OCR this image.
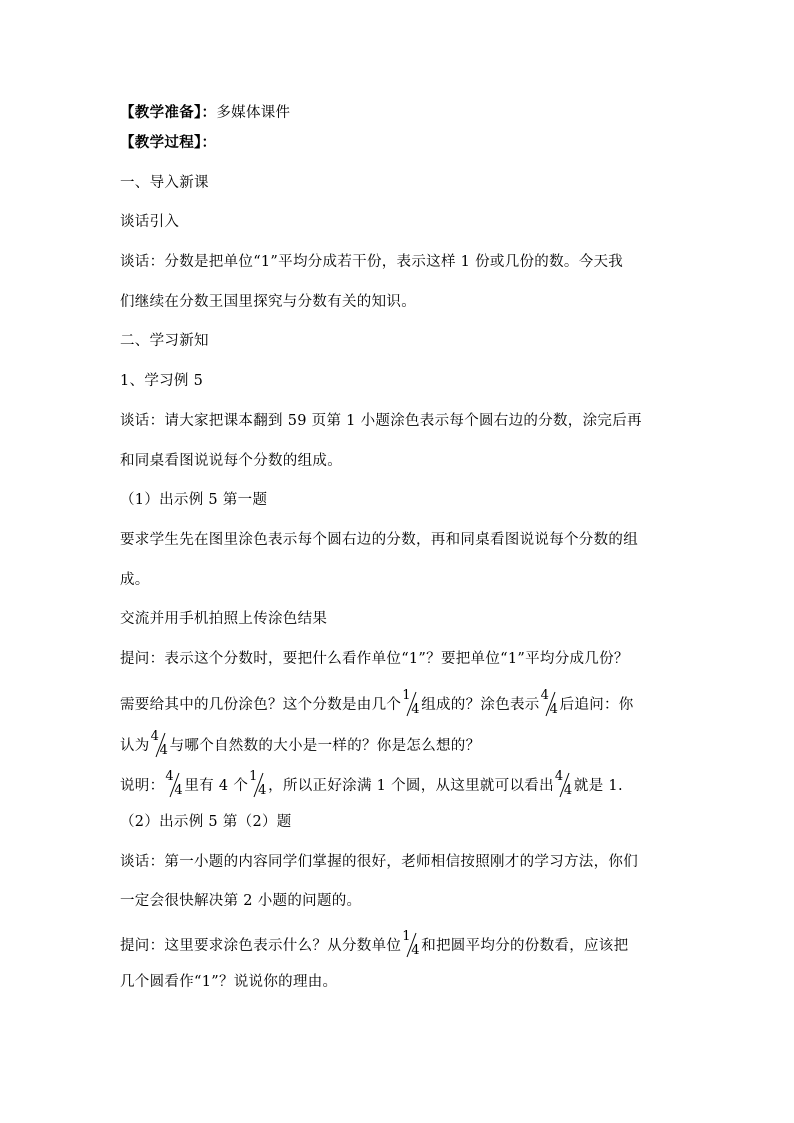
【教学准备】：多媒体课件
【教学过程】：
一、导入新课
谈话引入
谈话：分数是把单位“1”平均分成若干份，表示这样 1 份或几份的数。今天我
们继续在分数王国里探究与分数有关的知识。
二、学习新知
1、学习例 5
谈话：请大家把课本翻到 59 页第 1 小题涂色表示每个圆右边的分数，涂完后再
和同桌看图说说每个分数的组成。
（1）出示例 5 第一题
要求学生先在图里涂色表示每个圆右边的分数，再和同桌看图说说每个分数的组
成。
交流并用手机拍照上传涂色结果
提问：表示这个分数时，要把什么看作单位“1”？要把单位“1”平均分成几份？
需要给其中的几份涂色？这个分数是由几个
1
4 组成的？涂色表示
4
4 后追问：你
认为
4
4 与哪个自然数的大小是一样的？你是怎么想的？
说明：
4
4 里有 4 个
1
4 ，所以正好涂满 1 个圆，从这里就可以看出
4
4 就是 1.
（2）出示例 5 第（2）题
谈话：第一小题的内容同学们掌握的很好，老师相信按照刚才的学习方法，你们
一定会很快解决第 2 小题的问题的。
提问：这里要求涂色表示什么？从分数单位
1
4 和把圆平均分的份数看，应该把
几个圆看作“1”？说说你的理由。
